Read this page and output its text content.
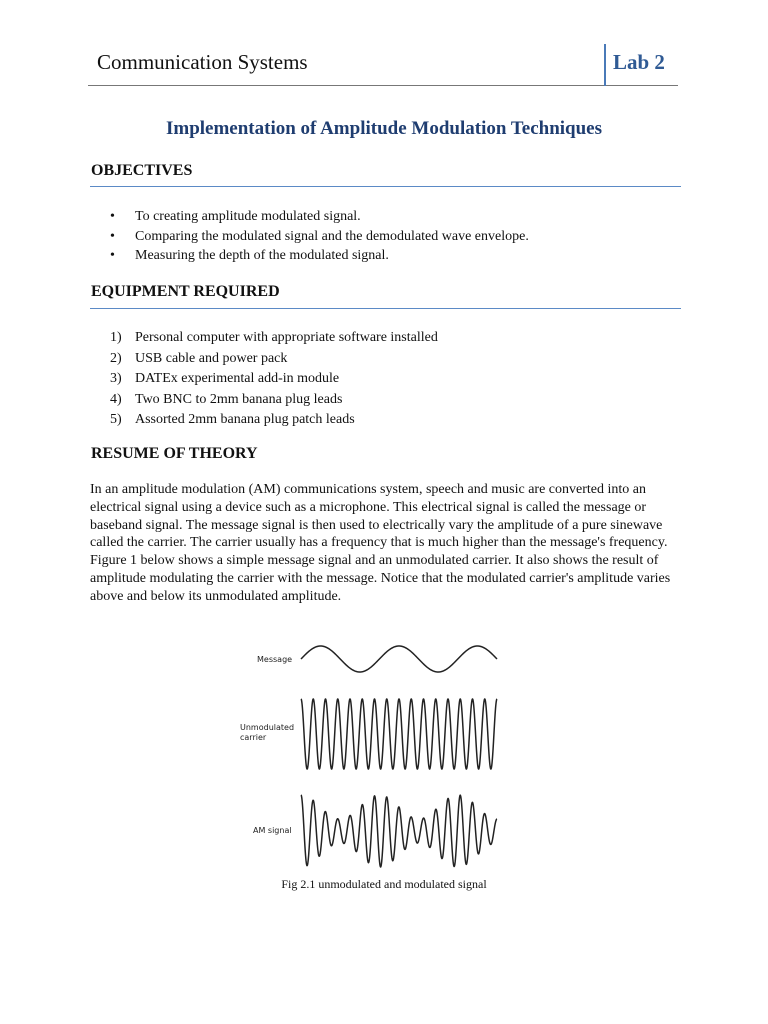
Communication Systems	Lab 2
Implementation of Amplitude Modulation Techniques
OBJECTIVES
• To creating amplitude modulated signal.
• Comparing the modulated signal and the demodulated wave envelope.
• Measuring the depth of the modulated signal.
EQUIPMENT REQUIRED
1) Personal computer with appropriate software installed
2) USB cable and power pack
3) DATEx experimental add-in module
4) Two BNC to 2mm banana plug leads
5) Assorted 2mm banana plug patch leads
RESUME OF THEORY

In an amplitude modulation (AM) communications system, speech and music are converted into an electrical signal using a device such as a microphone. This electrical signal is called the message or baseband signal. The message signal is then used to electrically vary the amplitude of a pure sinewave called the carrier. The carrier usually has a frequency that is much higher than the message's frequency.

Figure 1 below shows a simple message signal and an unmodulated carrier. It also shows the result of amplitude modulating the carrier with the message. Notice that the modulated carrier's amplitude varies above and below its unmodulated amplitude.

Message
Unmodulated
carrier
AM signal
Fig 2.1 unmodulated and modulated signal
